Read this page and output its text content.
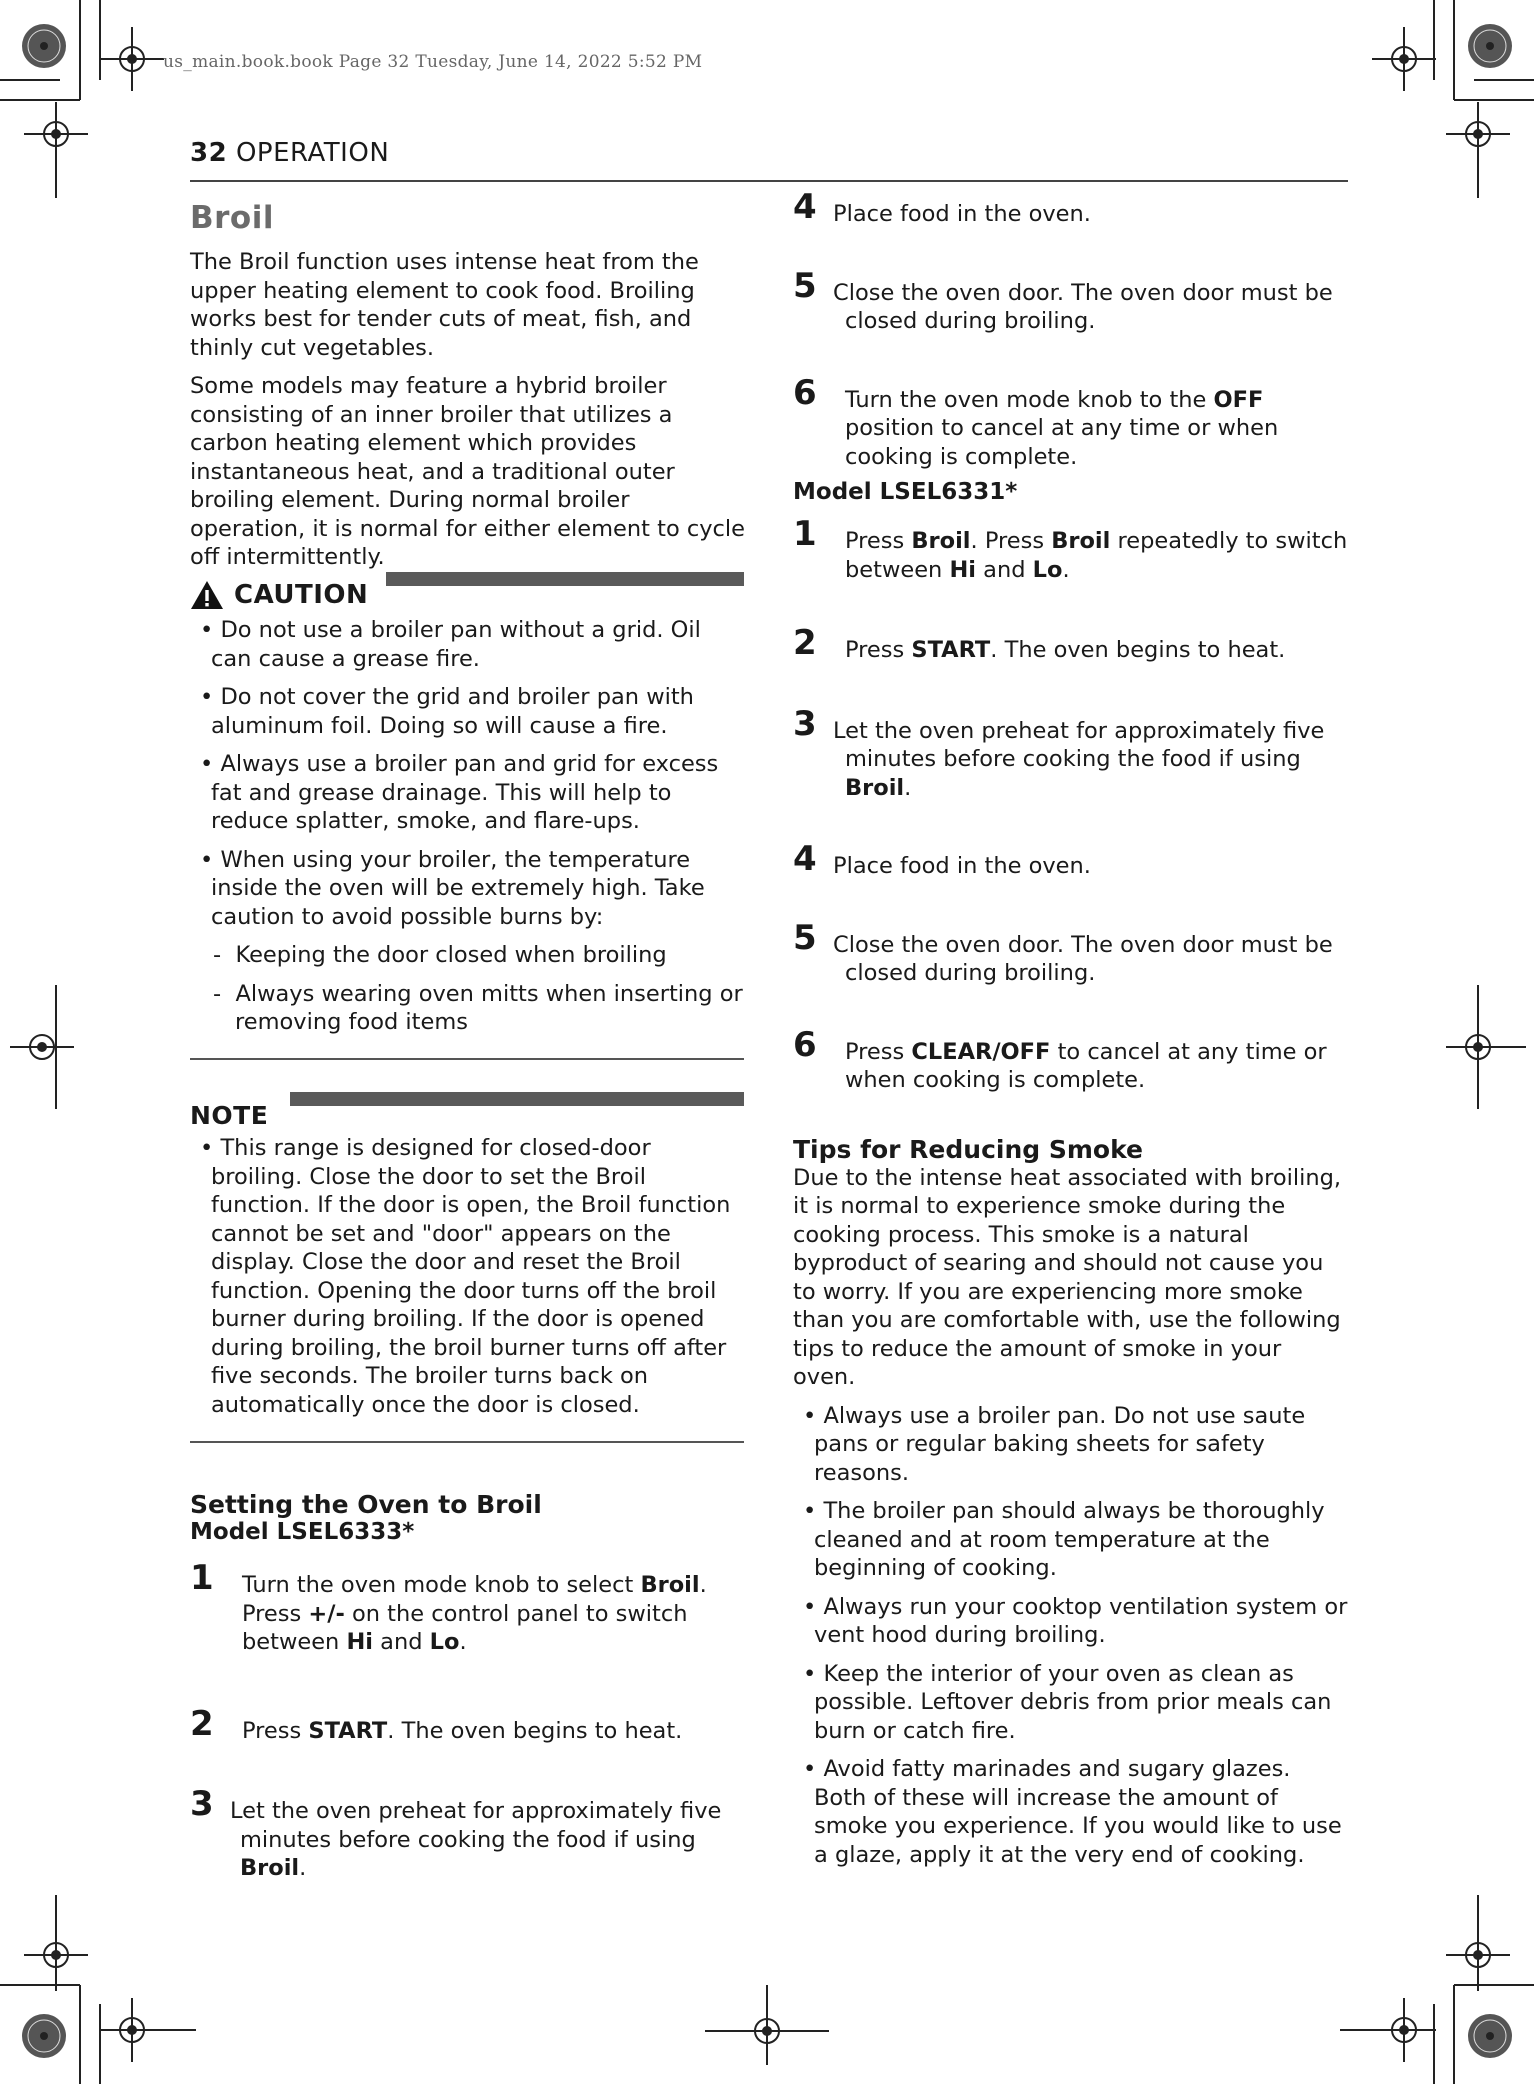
us_main.book.book Page 32 Tuesday, June 14, 2022 5:52 PM
32 OPERATION
Broil

The Broil function uses intense heat from the upper heating element to cook food. Broiling works best for tender cuts of meat, fish, and thinly cut vegetables.

Some models may feature a hybrid broiler consisting of an inner broiler that utilizes a carbon heating element which provides instantaneous heat, and a traditional outer broiling element. During normal broiler operation, it is normal for either element to cycle off intermittently.

CAUTION

• Do not use a broiler pan without a grid. Oil can cause a grease fire.

• Do not cover the grid and broiler pan with aluminum foil. Doing so will cause a fire.

• Always use a broiler pan and grid for excess fat and grease drainage. This will help to reduce splatter, smoke, and flare-ups.

• When using your broiler, the temperature inside the oven will be extremely high. Take caution to avoid possible burns by:

-  Keeping the door closed when broiling

-  Always wearing oven mitts when inserting or removing food items

NOTE

• This range is designed for closed-door broiling. Close the door to set the Broil function. If the door is open, the Broil function cannot be set and "door" appears on the display. Close the door and reset the Broil function. Opening the door turns off the broil burner during broiling. If the door is opened during broiling, the broil burner turns off after five seconds. The broiler turns back on automatically once the door is closed.

Setting the Oven to Broil
Model LSEL6333*
1 Turn the oven mode knob to select Broil. Press +/- on the control panel to switch between Hi and Lo.
2 Press START. The oven begins to heat.
3 Let the oven preheat for approximately five minutes before cooking the food if using Broil.
4 Place food in the oven.
5 Close the oven door. The oven door must be closed during broiling.
6 Turn the oven mode knob to the OFF position to cancel at any time or when cooking is complete.
Model LSEL6331*
1 Press Broil. Press Broil repeatedly to switch between Hi and Lo.
2 Press START. The oven begins to heat.
3 Let the oven preheat for approximately five minutes before cooking the food if using Broil.
4 Place food in the oven.
5 Close the oven door. The oven door must be closed during broiling.
6 Press CLEAR/OFF to cancel at any time or when cooking is complete.
Tips for Reducing Smoke

Due to the intense heat associated with broiling, it is normal to experience smoke during the cooking process. This smoke is a natural byproduct of searing and should not cause you to worry. If you are experiencing more smoke than you are comfortable with, use the following tips to reduce the amount of smoke in your oven.

• Always use a broiler pan. Do not use saute pans or regular baking sheets for safety reasons.

• The broiler pan should always be thoroughly cleaned and at room temperature at the beginning of cooking.

• Always run your cooktop ventilation system or vent hood during broiling.

• Keep the interior of your oven as clean as possible. Leftover debris from prior meals can burn or catch fire.

• Avoid fatty marinades and sugary glazes. Both of these will increase the amount of smoke you experience. If you would like to use a glaze, apply it at the very end of cooking.
